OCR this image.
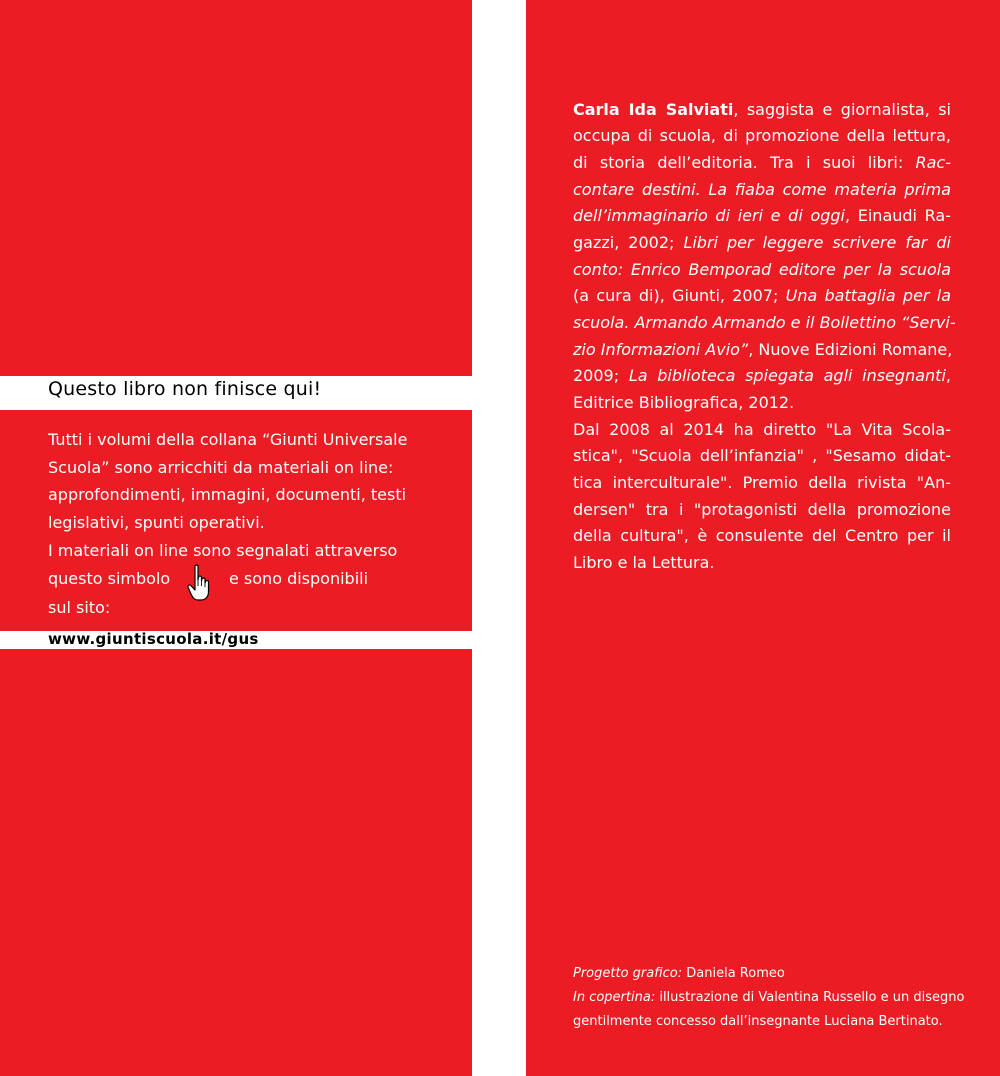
Questo libro non finisce qui!
Tutti i volumi della collana “Giunti Universale
Scuola” sono arricchiti da materiali on line:
approfondimenti, immagini, documenti, testi
legislativi, spunti operativi.
I materiali on line sono segnalati attraverso
questo simbolo	e sono disponibili
sul sito:
www.giuntiscuola.it/gus
Carla Ida Salviati, saggista e giornalista, si
occupa di scuola, di promozione della lettura,
di storia dell’editoria. Tra i suoi libri: Rac-
contare destini. La fiaba come materia prima
dell’immaginario di ieri e di oggi, Einaudi Ra-
gazzi, 2002; Libri per leggere scrivere far di
conto: Enrico Bemporad editore per la scuola
(a cura di), Giunti, 2007; Una battaglia per la
scuola. Armando Armando e il Bollettino “Servi-
zio Informazioni Avio”, Nuove Edizioni Romane,
2009; La biblioteca spiegata agli insegnanti,
Editrice Bibliografica, 2012.
Dal 2008 al 2014 ha diretto "La Vita Scola-
stica", "Scuola dell’infanzia" , "Sesamo didat-
tica interculturale". Premio della rivista "An-
dersen" tra i "protagonisti della promozione
della cultura", è consulente del Centro per il
Libro e la Lettura.
Progetto grafico: Daniela Romeo
In copertina: illustrazione di Valentina Russello e un disegno
gentilmente concesso dall’insegnante Luciana Bertinato.
